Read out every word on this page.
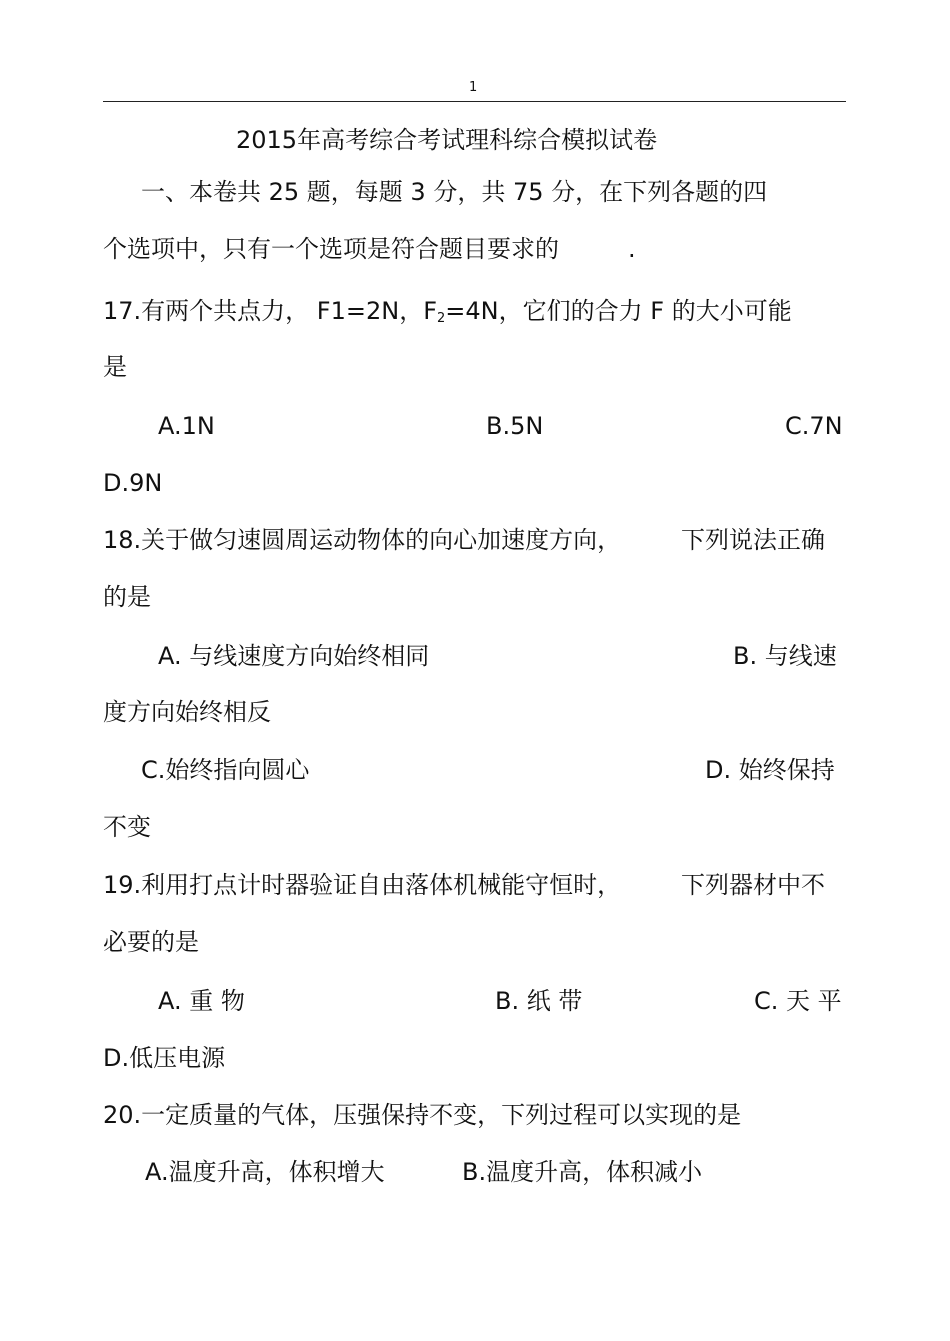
1
2015年高考综合考试理科综合模拟试卷
一、本卷共 25 题，每题 3 分，共 75 分，在下列各题的四
个选项中，只有一个选项是符合题目要求的	.
17.有两个共点力， F1=2N，$F_2=4N$，它们的合力 F 的大小可能
是
A.1N	B.5N	C.7N
D.9N
18.关于做匀速圆周运动物体的向心加速度方向， 下列说法正确
的是
A. 与线速度方向始终相同	B. 与线速
度方向始终相反
C.始终指向圆心	D. 始终保持
不变
19.利用打点计时器验证自由落体机械能守恒时， 下列器材中不
必要的是
A. 重 物	B. 纸 带	C. 天 平
D.低压电源
20.一定质量的气体，压强保持不变，下列过程可以实现的是
A.温度升高，体积增大	B.温度升高，体积减小
